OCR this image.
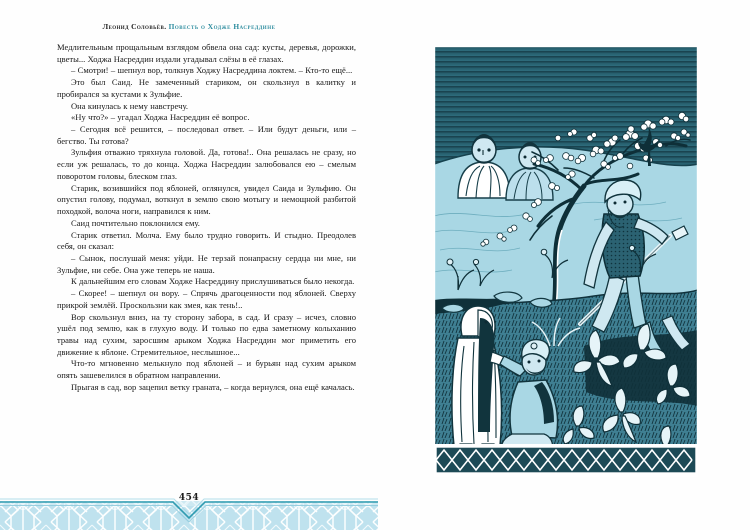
Леонид Соловьёв. Повесть о Ходже Насреддине

Медлительным прощальным взглядом обвела она сад: кусты, деревья, дорожки, цветы... Ходжа Насреддин издали угадывал слёзы в её глазах.

– Смотри! – шепнул вор, толкнув Ходжу Насреддина локтем. – Кто-то ещё...

Это был Саид. Не замеченный стариком, он скользнул в калитку и пробирался за кустами к Зульфие.

Она кинулась к нему навстречу.

«Ну что?» – угадал Ходжа Насреддин её вопрос.

– Сегодня всё решится, – последовал ответ. – Или будут деньги, или – бегство. Ты готова?

Зульфия отважно тряхнула головой. Да, готова!.. Она решалась не сразу, но если уж решалась, то до конца. Ходжа Насреддин залюбовался ею – смелым поворотом головы, блеском глаз.

Старик, возившийся под яблоней, оглянулся, увидел Саида и Зульфию. Он опустил голову, подумал, воткнул в землю свою мотыгу и немощной разбитой походкой, волоча ноги, направился к ним.

Саид почтительно поклонился ему.

Старик ответил. Молча. Ему было трудно говорить. И стыдно. Преодолев себя, он сказал:

– Сынок, послушай меня: уйди. Не терзай понапрасну сердца ни мне, ни Зульфие, ни себе. Она уже теперь не наша.

К дальнейшим его словам Ходже Насреддину прислушиваться было некогда.

– Скорее! – шепнул он вору. – Спрячь драгоценности под яблоней. Сверху прикрой землёй. Проскользни как змея, как тень!..

Вор скользнул вниз, на ту сторону забора, в сад. И сразу – исчез, словно ушёл под землю, как в глухую воду. И только по едва заметному колыханию травы над сухим, заросшим арыком Ходжа Насреддин мог приметить его движение к яблоне. Стремительное, неслышное...

Что-то мгновенно мелькнуло под яблоней – и бурьян над сухим арыком опять зашевелился в обратном направлении.

Прыгая в сад, вор зацепил ветку граната, – когда вернулся, она ещё качалась.

454
